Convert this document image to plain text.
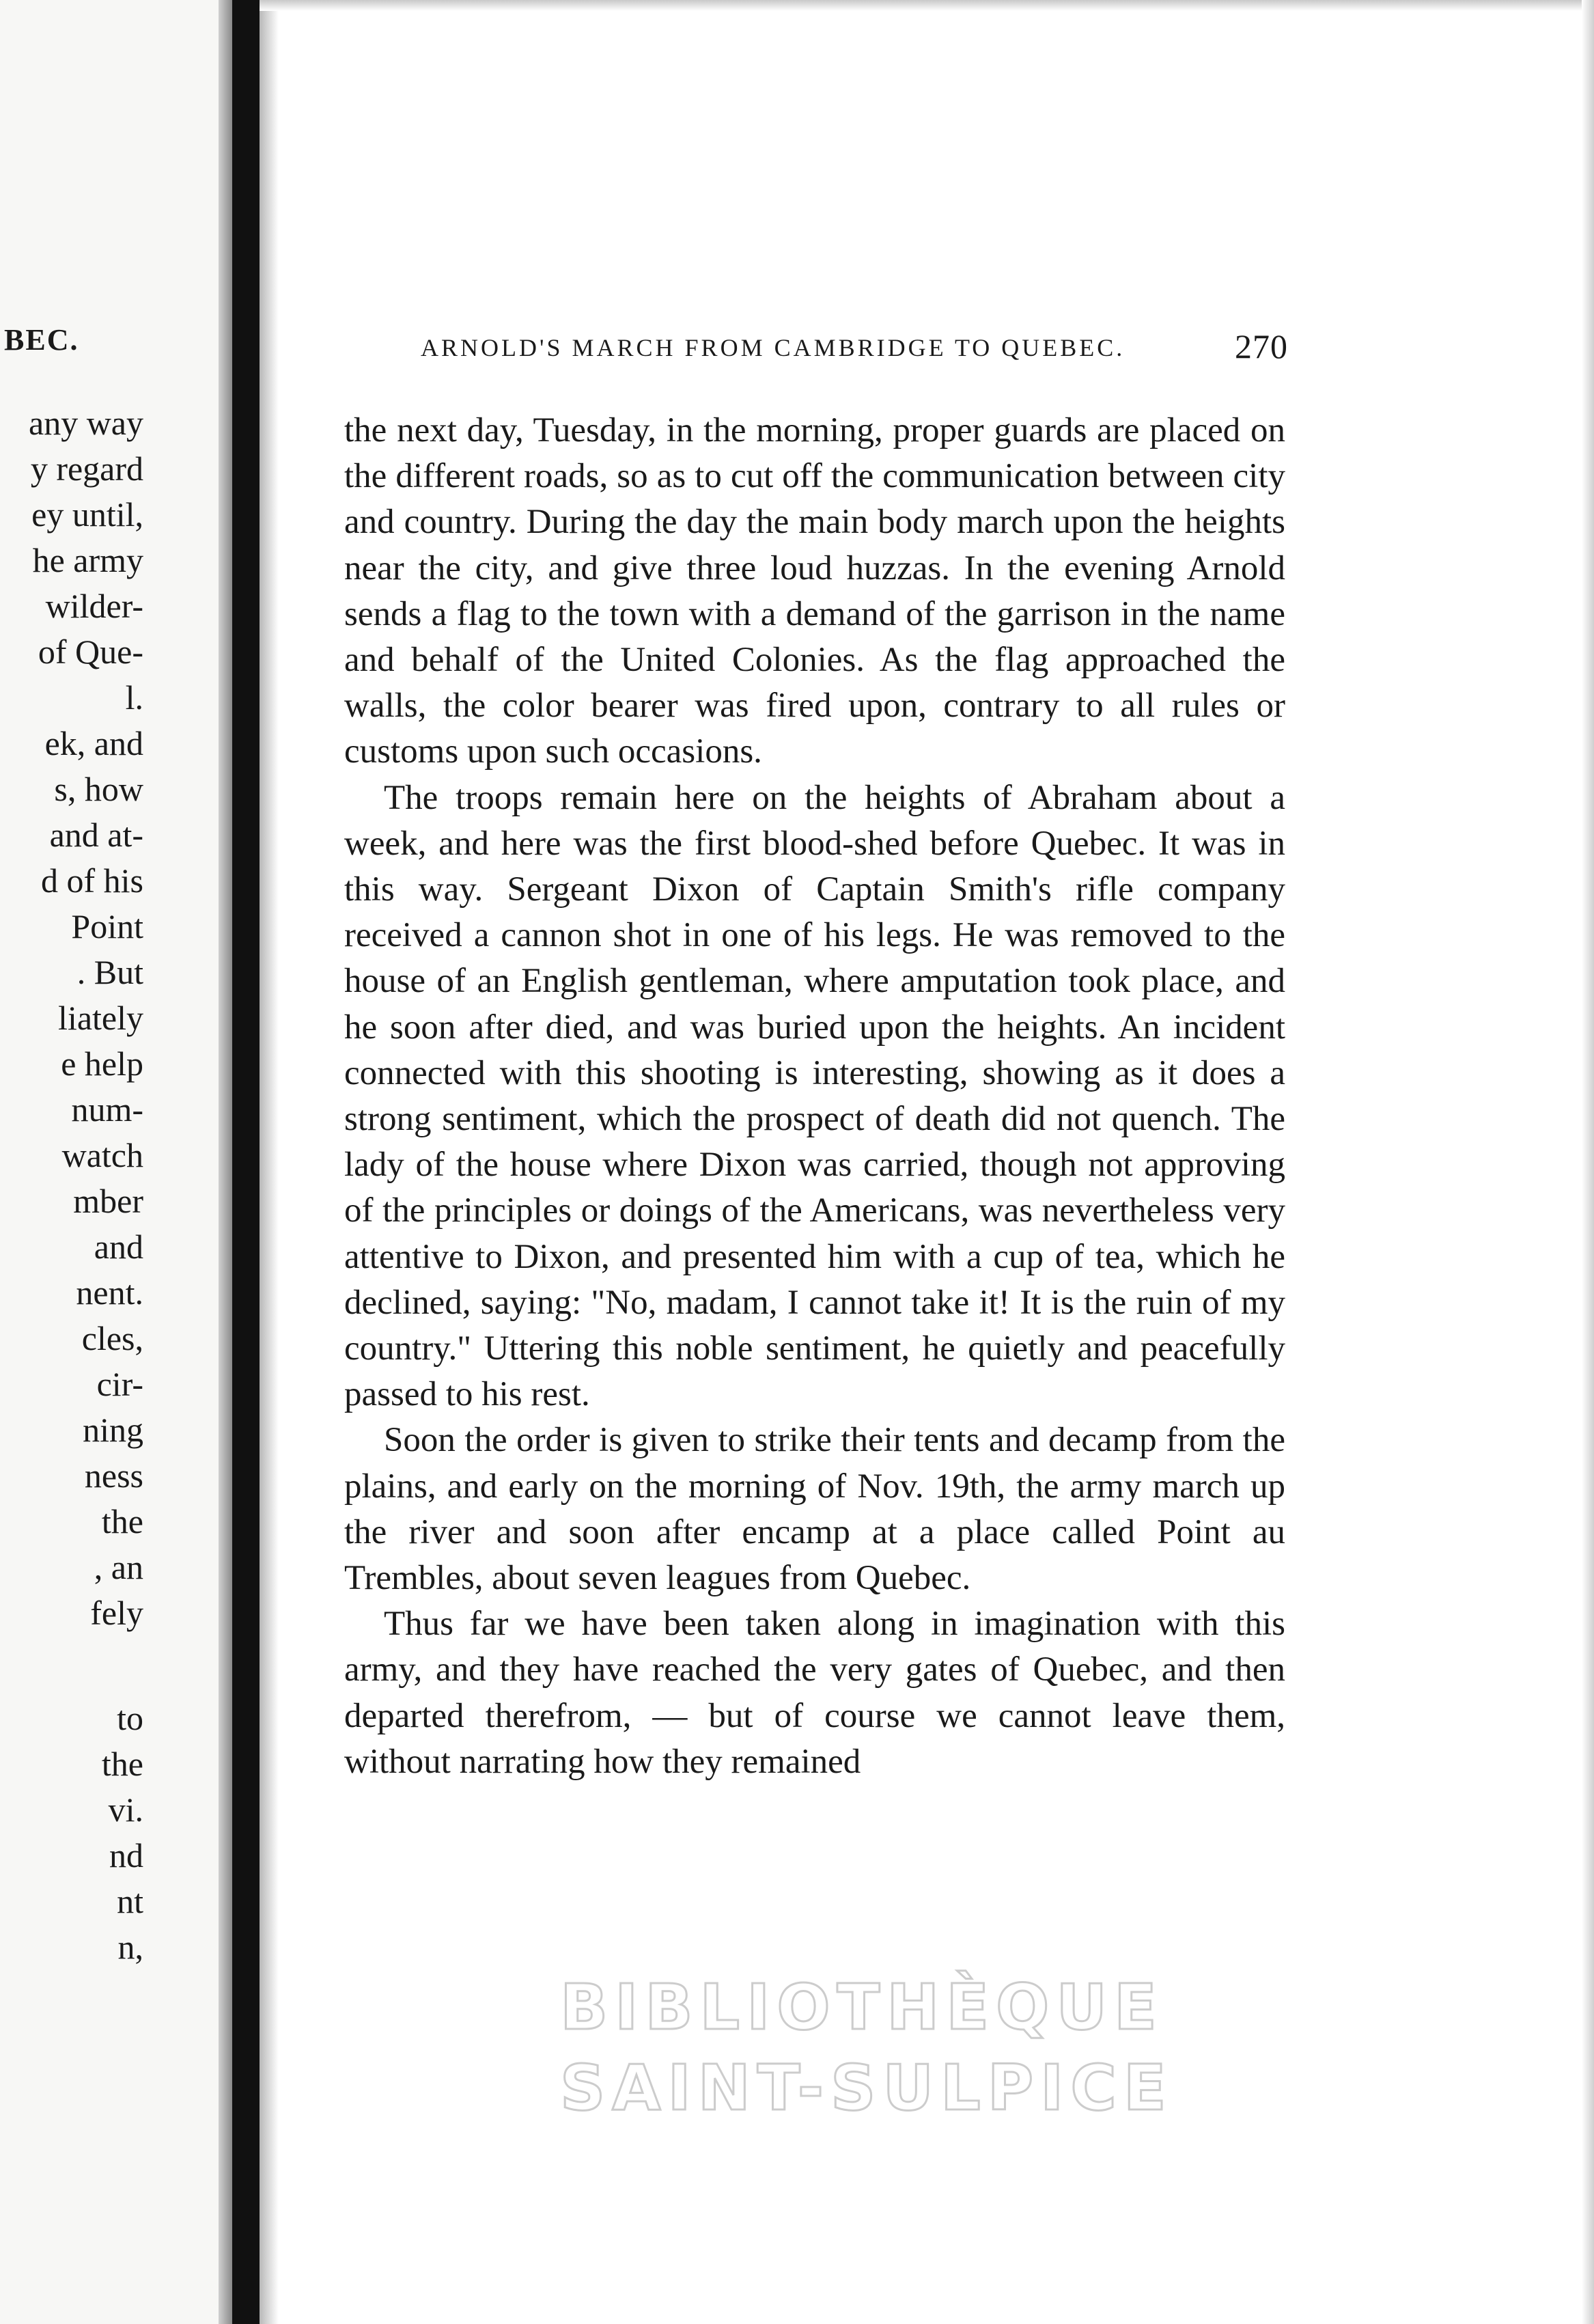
BEC.
any way
y regard
ey until,
he army
wilder-
of Que-
l.
ek, and
s, how
and at-
d of his
Point
. But
liately
e help
num-
watch
mber
and
nent.
cles,
cir-
ning
ness
the
, an
fely
to
the
vi.
nd
nt
n,
ARNOLD'S MARCH FROM CAMBRIDGE TO QUEBEC.	270

the next day, Tuesday, in the morning, proper guards are placed on the different roads, so as to cut off the communication between city and country. During the day the main body march upon the heights near the city, and give three loud huzzas. In the evening Arnold sends a flag to the town with a demand of the garrison in the name and behalf of the United Colonies. As the flag approached the walls, the color bearer was fired upon, contrary to all rules or customs upon such occasions.

The troops remain here on the heights of Abraham about a week, and here was the first blood-shed before Quebec. It was in this way. Sergeant Dixon of Captain Smith's rifle company received a cannon shot in one of his legs. He was removed to the house of an English gentleman, where amputation took place, and he soon after died, and was buried upon the heights. An incident connected with this shooting is interesting, showing as it does a strong sentiment, which the prospect of death did not quench. The lady of the house where Dixon was carried, though not approving of the principles or doings of the Americans, was nevertheless very attentive to Dixon, and presented him with a cup of tea, which he declined, saying: "No, madam, I cannot take it! It is the ruin of my country." Uttering this noble sentiment, he quietly and peacefully passed to his rest.

Soon the order is given to strike their tents and decamp from the plains, and early on the morning of Nov. 19th, the army march up the river and soon after encamp at a place called Point au Trembles, about seven leagues from Quebec.

Thus far we have been taken along in imagination with this army, and they have reached the very gates of Quebec, and then departed therefrom, — but of course we cannot leave them, without narrating how they remained

BIBLIOTHÈQUE
SAINT-SULPICE
